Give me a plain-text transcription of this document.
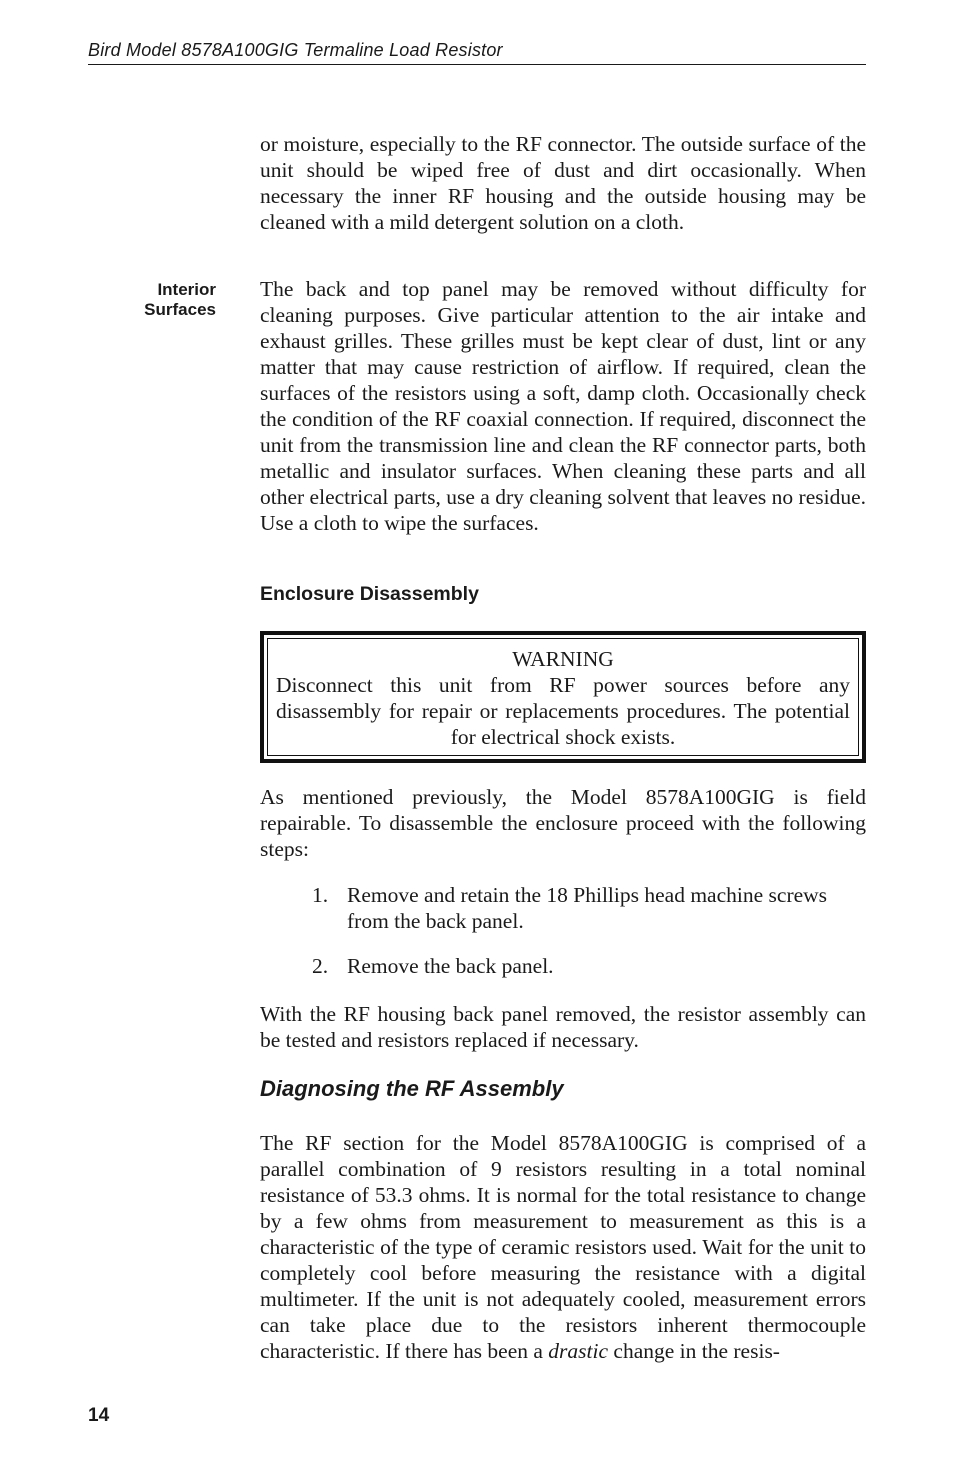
Bird Model 8578A100GIG Termaline Load Resistor
or moisture, especially to the RF connector. The outside surface of the unit should be wiped free of dust and dirt occasionally. When necessary the inner RF housing and the outside housing may be cleaned with a mild detergent solution on a cloth.
Interior
Surfaces
The back and top panel may be removed without difficulty for cleaning purposes. Give particular attention to the air intake and exhaust grilles. These grilles must be kept clear of dust, lint or any matter that may cause restriction of airflow. If required, clean the surfaces of the resistors using a soft, damp cloth. Occasionally check the condition of the RF coaxial connection. If required, disconnect the unit from the transmission line and clean the RF connector parts, both metallic and insulator surfaces. When cleaning these parts and all other electrical parts, use a dry cleaning solvent that leaves no residue. Use a cloth to wipe the surfaces.
Enclosure Disassembly
WARNING
Disconnect this unit from RF power sources before any disassembly for repair or replacements procedures. The potential for electrical shock exists.
As mentioned previously, the Model 8578A100GIG is field repairable. To disassemble the enclosure proceed with the following steps:
1. Remove and retain the 18 Phillips head machine screws from the back panel.
2. Remove the back panel.
With the RF housing back panel removed, the resistor assembly can be tested and resistors replaced if necessary.
Diagnosing the RF Assembly
The RF section for the Model 8578A100GIG is comprised of a parallel combination of 9 resistors resulting in a total nominal resistance of 53.3 ohms. It is normal for the total resistance to change by a few ohms from measurement to measurement as this is a characteristic of the type of ceramic resistors used. Wait for the unit to completely cool before measuring the resistance with a digital multimeter. If the unit is not adequately cooled, measurement errors can take place due to the resistors inherent thermocouple characteristic. If there has been a drastic change in the resis-
14
